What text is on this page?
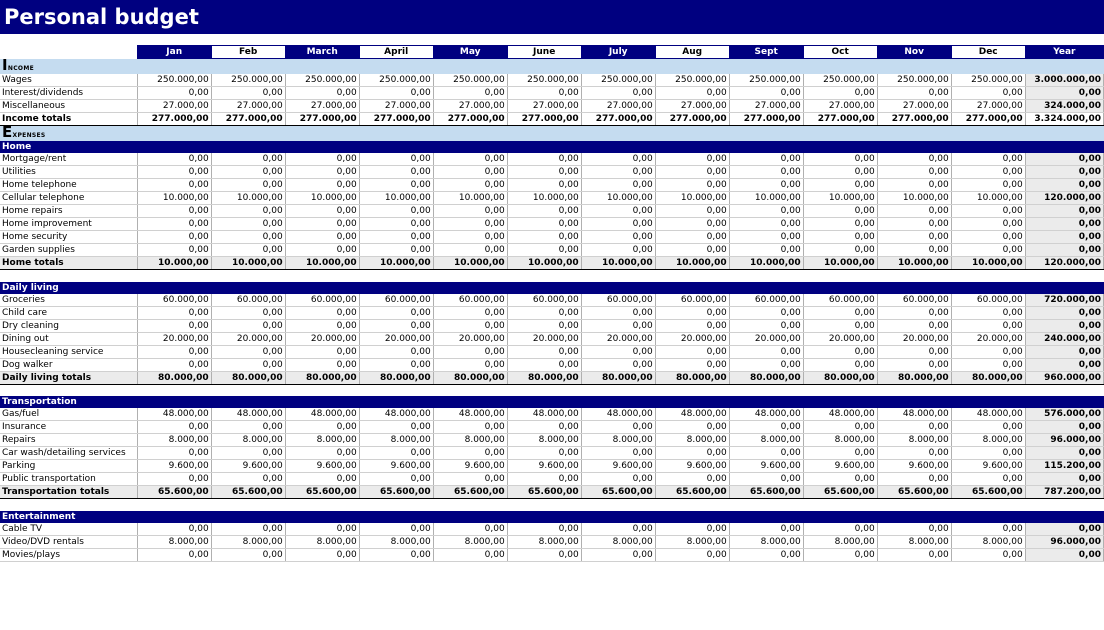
Personal budget
	Jan	Feb	March	April	May	June	July	Aug	Sept	Oct	Nov	Dec	Year
Income													
Wages	250.000,00	250.000,00	250.000,00	250.000,00	250.000,00	250.000,00	250.000,00	250.000,00	250.000,00	250.000,00	250.000,00	250.000,00	3.000.000,00
Interest/dividends	0,00	0,00	0,00	0,00	0,00	0,00	0,00	0,00	0,00	0,00	0,00	0,00	0,00
Miscellaneous	27.000,00	27.000,00	27.000,00	27.000,00	27.000,00	27.000,00	27.000,00	27.000,00	27.000,00	27.000,00	27.000,00	27.000,00	324.000,00
Income totals	277.000,00	277.000,00	277.000,00	277.000,00	277.000,00	277.000,00	277.000,00	277.000,00	277.000,00	277.000,00	277.000,00	277.000,00	3.324.000,00
Expenses													
Home													
Mortgage/rent	0,00	0,00	0,00	0,00	0,00	0,00	0,00	0,00	0,00	0,00	0,00	0,00	0,00
Utilities	0,00	0,00	0,00	0,00	0,00	0,00	0,00	0,00	0,00	0,00	0,00	0,00	0,00
Home telephone	0,00	0,00	0,00	0,00	0,00	0,00	0,00	0,00	0,00	0,00	0,00	0,00	0,00
Cellular telephone	10.000,00	10.000,00	10.000,00	10.000,00	10.000,00	10.000,00	10.000,00	10.000,00	10.000,00	10.000,00	10.000,00	10.000,00	120.000,00
Home repairs	0,00	0,00	0,00	0,00	0,00	0,00	0,00	0,00	0,00	0,00	0,00	0,00	0,00
Home improvement	0,00	0,00	0,00	0,00	0,00	0,00	0,00	0,00	0,00	0,00	0,00	0,00	0,00
Home security	0,00	0,00	0,00	0,00	0,00	0,00	0,00	0,00	0,00	0,00	0,00	0,00	0,00
Garden supplies	0,00	0,00	0,00	0,00	0,00	0,00	0,00	0,00	0,00	0,00	0,00	0,00	0,00
Home totals	10.000,00	10.000,00	10.000,00	10.000,00	10.000,00	10.000,00	10.000,00	10.000,00	10.000,00	10.000,00	10.000,00	10.000,00	120.000,00

Daily living													
Groceries	60.000,00	60.000,00	60.000,00	60.000,00	60.000,00	60.000,00	60.000,00	60.000,00	60.000,00	60.000,00	60.000,00	60.000,00	720.000,00
Child care	0,00	0,00	0,00	0,00	0,00	0,00	0,00	0,00	0,00	0,00	0,00	0,00	0,00
Dry cleaning	0,00	0,00	0,00	0,00	0,00	0,00	0,00	0,00	0,00	0,00	0,00	0,00	0,00
Dining out	20.000,00	20.000,00	20.000,00	20.000,00	20.000,00	20.000,00	20.000,00	20.000,00	20.000,00	20.000,00	20.000,00	20.000,00	240.000,00
Housecleaning service	0,00	0,00	0,00	0,00	0,00	0,00	0,00	0,00	0,00	0,00	0,00	0,00	0,00
Dog walker	0,00	0,00	0,00	0,00	0,00	0,00	0,00	0,00	0,00	0,00	0,00	0,00	0,00
Daily living totals	80.000,00	80.000,00	80.000,00	80.000,00	80.000,00	80.000,00	80.000,00	80.000,00	80.000,00	80.000,00	80.000,00	80.000,00	960.000,00

Transportation													
Gas/fuel	48.000,00	48.000,00	48.000,00	48.000,00	48.000,00	48.000,00	48.000,00	48.000,00	48.000,00	48.000,00	48.000,00	48.000,00	576.000,00
Insurance	0,00	0,00	0,00	0,00	0,00	0,00	0,00	0,00	0,00	0,00	0,00	0,00	0,00
Repairs	8.000,00	8.000,00	8.000,00	8.000,00	8.000,00	8.000,00	8.000,00	8.000,00	8.000,00	8.000,00	8.000,00	8.000,00	96.000,00
Car wash/detailing services	0,00	0,00	0,00	0,00	0,00	0,00	0,00	0,00	0,00	0,00	0,00	0,00	0,00
Parking	9.600,00	9.600,00	9.600,00	9.600,00	9.600,00	9.600,00	9.600,00	9.600,00	9.600,00	9.600,00	9.600,00	9.600,00	115.200,00
Public transportation	0,00	0,00	0,00	0,00	0,00	0,00	0,00	0,00	0,00	0,00	0,00	0,00	0,00
Transportation totals	65.600,00	65.600,00	65.600,00	65.600,00	65.600,00	65.600,00	65.600,00	65.600,00	65.600,00	65.600,00	65.600,00	65.600,00	787.200,00

Entertainment													
Cable TV	0,00	0,00	0,00	0,00	0,00	0,00	0,00	0,00	0,00	0,00	0,00	0,00	0,00
Video/DVD rentals	8.000,00	8.000,00	8.000,00	8.000,00	8.000,00	8.000,00	8.000,00	8.000,00	8.000,00	8.000,00	8.000,00	8.000,00	96.000,00
Movies/plays	0,00	0,00	0,00	0,00	0,00	0,00	0,00	0,00	0,00	0,00	0,00	0,00	0,00
